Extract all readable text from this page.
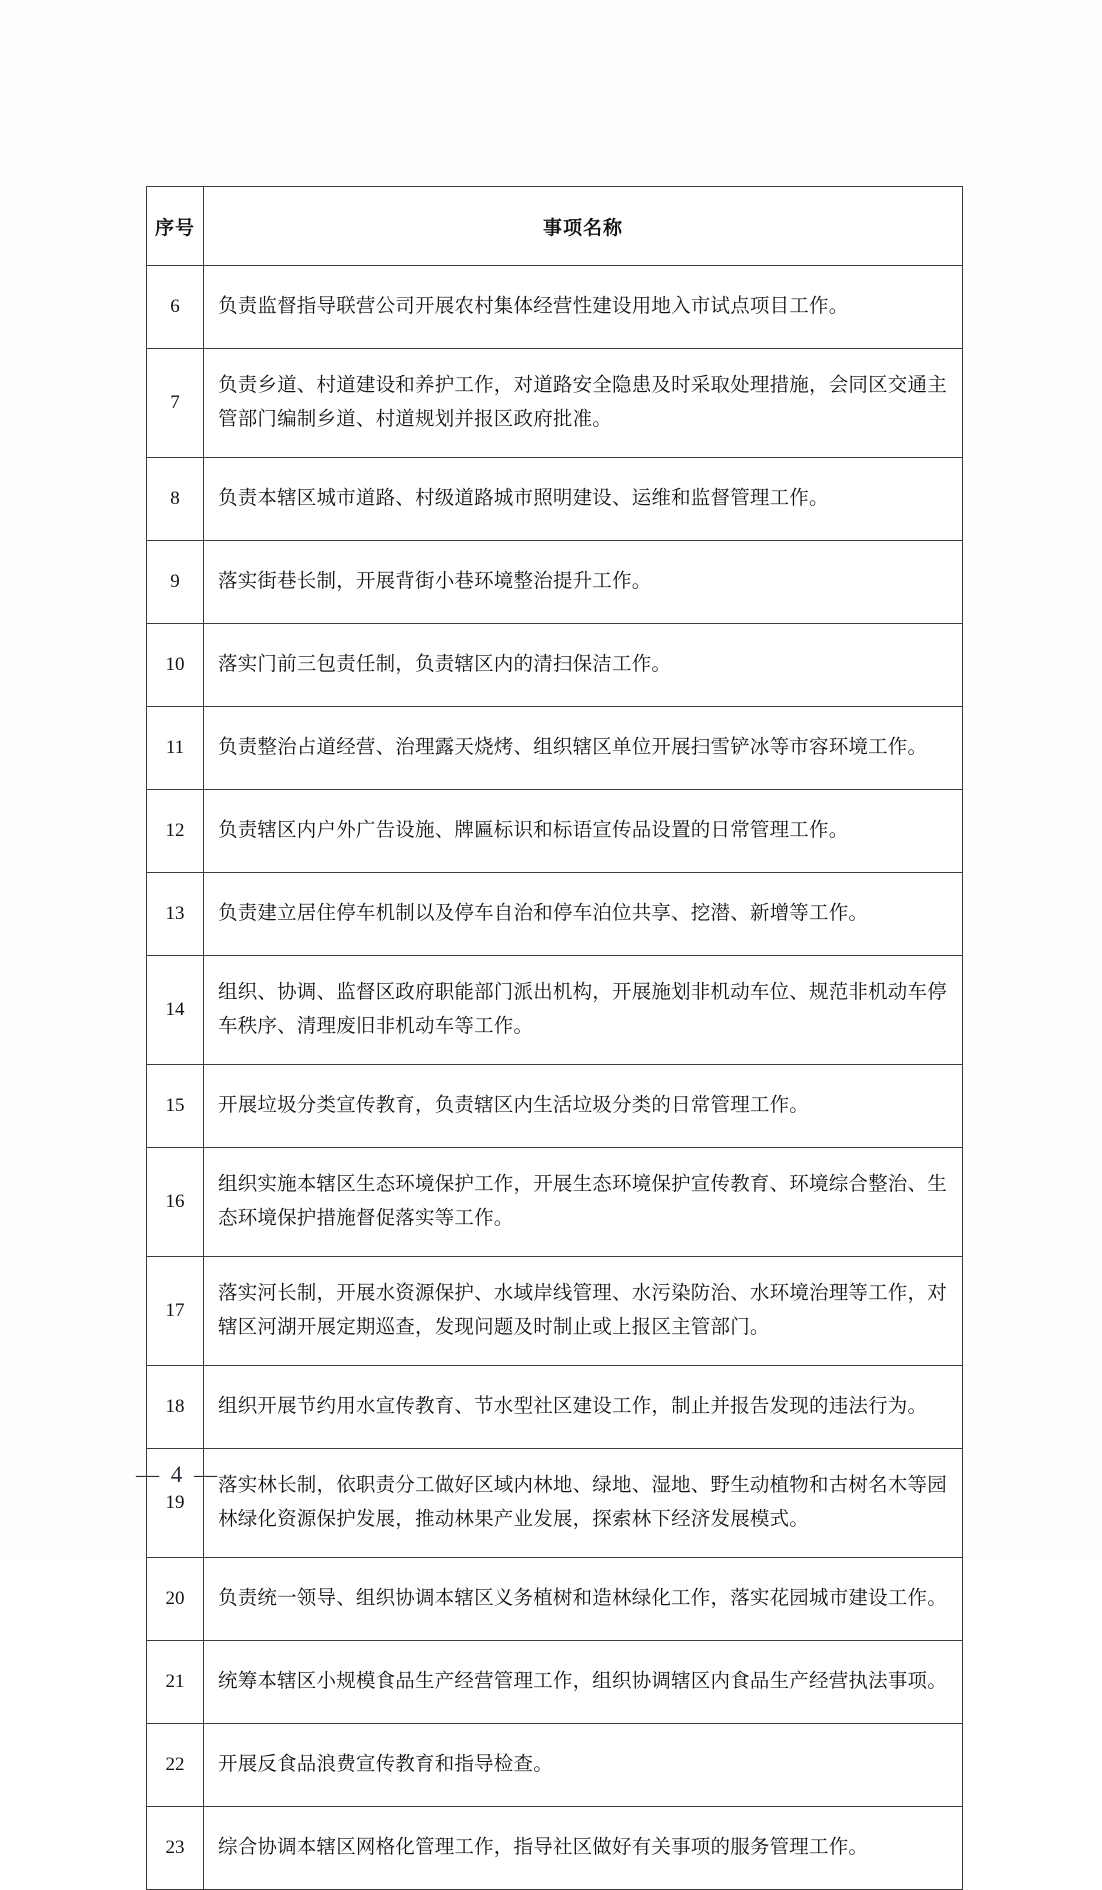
序号	事项名称
6	负责监督指导联营公司开展农村集体经营性建设用地入市试点项目工作。
7	负责乡道、村道建设和养护工作，对道路安全隐患及时采取处理措施，会同区交通主管部门编制乡道、村道规划并报区政府批准。
8	负责本辖区城市道路、村级道路城市照明建设、运维和监督管理工作。
9	落实街巷长制，开展背街小巷环境整治提升工作。
10	落实门前三包责任制，负责辖区内的清扫保洁工作。
11	负责整治占道经营、治理露天烧烤、组织辖区单位开展扫雪铲冰等市容环境工作。
12	负责辖区内户外广告设施、牌匾标识和标语宣传品设置的日常管理工作。
13	负责建立居住停车机制以及停车自治和停车泊位共享、挖潜、新增等工作。
14	组织、协调、监督区政府职能部门派出机构，开展施划非机动车位、规范非机动车停车秩序、清理废旧非机动车等工作。
15	开展垃圾分类宣传教育，负责辖区内生活垃圾分类的日常管理工作。
16	组织实施本辖区生态环境保护工作，开展生态环境保护宣传教育、环境综合整治、生态环境保护措施督促落实等工作。
17	落实河长制，开展水资源保护、水域岸线管理、水污染防治、水环境治理等工作，对辖区河湖开展定期巡查，发现问题及时制止或上报区主管部门。
18	组织开展节约用水宣传教育、节水型社区建设工作，制止并报告发现的违法行为。
19	落实林长制，依职责分工做好区域内林地、绿地、湿地、野生动植物和古树名木等园林绿化资源保护发展，推动林果产业发展，探索林下经济发展模式。
20	负责统一领导、组织协调本辖区义务植树和造林绿化工作，落实花园城市建设工作。
21	统筹本辖区小规模食品生产经营管理工作，组织协调辖区内食品生产经营执法事项。
22	开展反食品浪费宣传教育和指导检查。
23	综合协调本辖区网格化管理工作，指导社区做好有关事项的服务管理工作。
— 4 —
